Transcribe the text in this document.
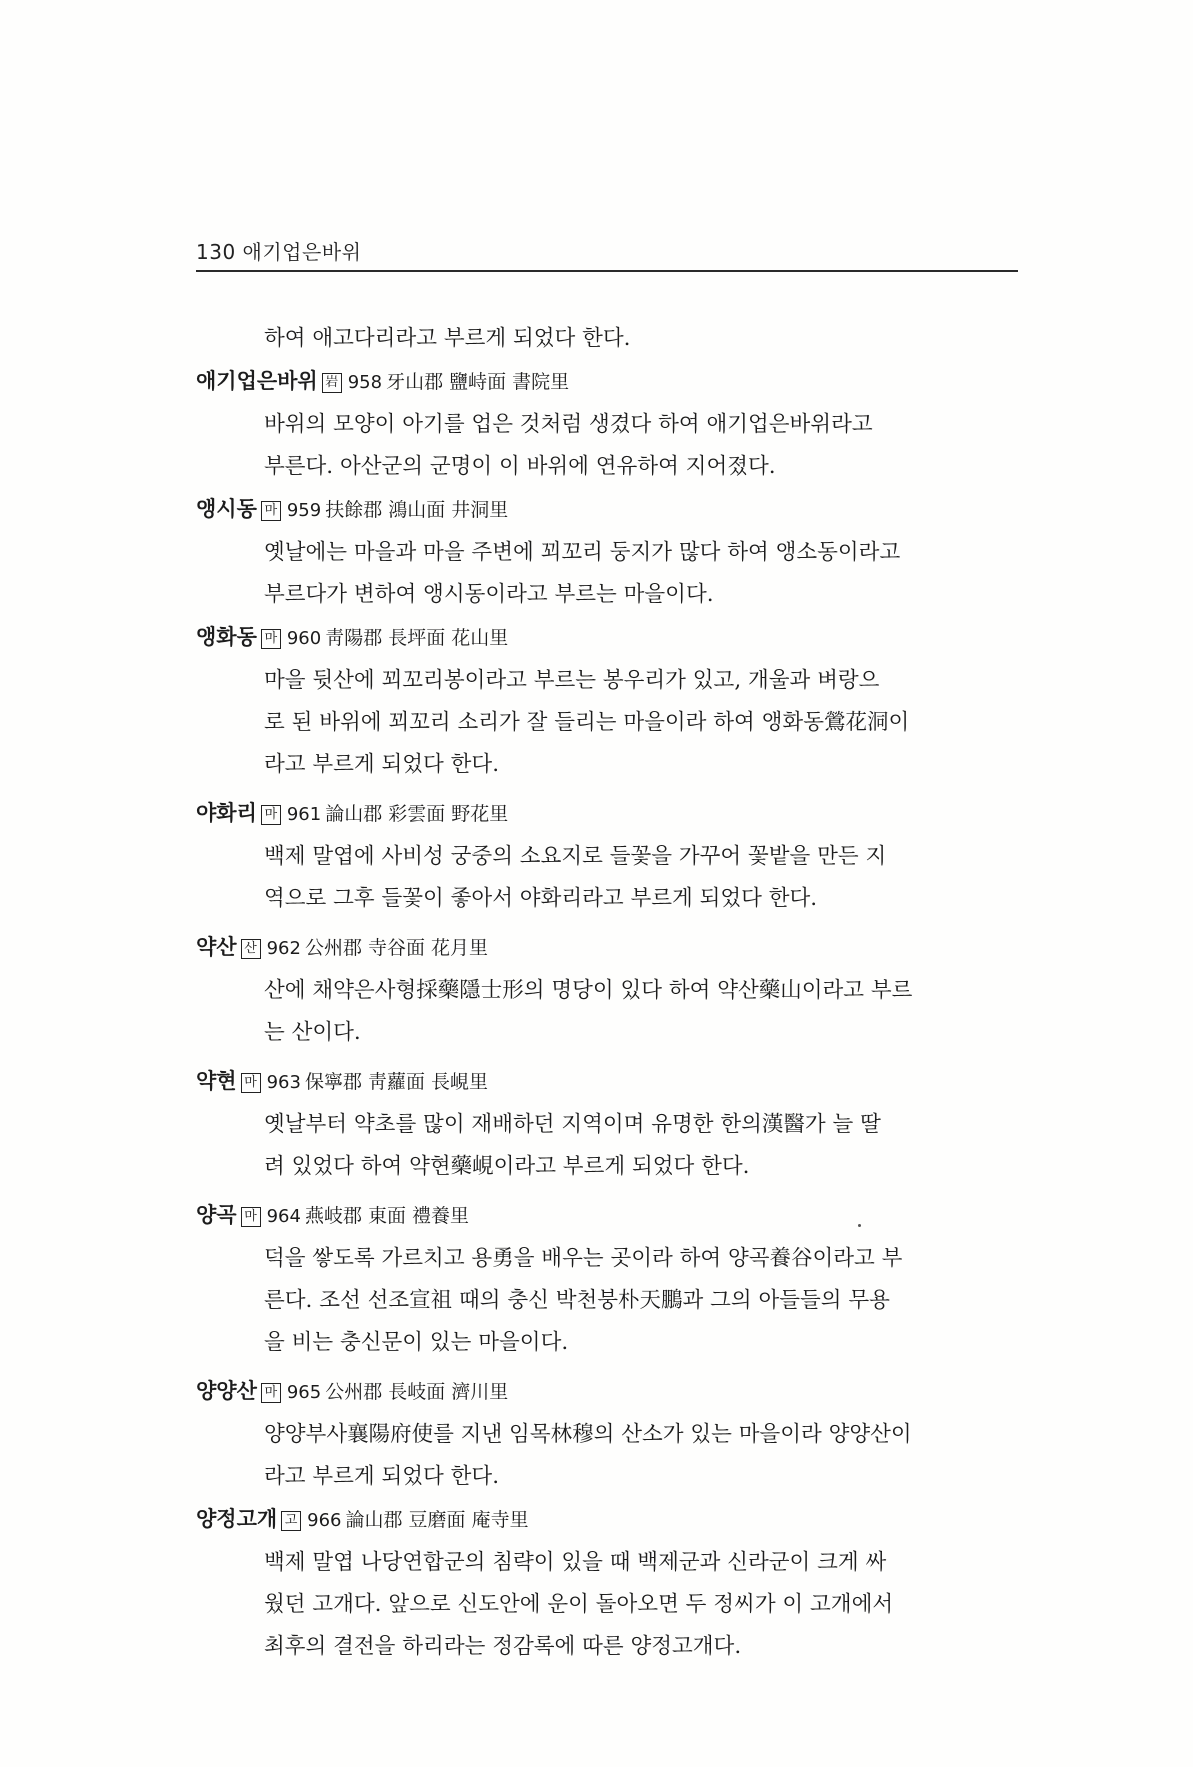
130 애기업은바위
하여 애고다리라고 부르게 되었다 한다.
애기업은바위 岩 958 牙山郡 鹽峙面 書院里
바위의 모양이 아기를 업은 것처럼 생겼다 하여 애기업은바위라고
부른다. 아산군의 군명이 이 바위에 연유하여 지어졌다.
앵시동 마 959 扶餘郡 鴻山面 井洞里
옛날에는 마을과 마을 주변에 꾀꼬리 둥지가 많다 하여 앵소동이라고
부르다가 변하여 앵시동이라고 부르는 마을이다.
앵화동 마 960 靑陽郡 長坪面 花山里
마을 뒷산에 꾀꼬리봉이라고 부르는 봉우리가 있고, 개울과 벼랑으
로 된 바위에 꾀꼬리 소리가 잘 들리는 마을이라 하여 앵화동鶯花洞이
라고 부르게 되었다 한다.
야화리 마 961 論山郡 彩雲面 野花里
백제 말엽에 사비성 궁중의 소요지로 들꽃을 가꾸어 꽃밭을 만든 지
역으로 그후 들꽃이 좋아서 야화리라고 부르게 되었다 한다.
약산 산 962 公州郡 寺谷面 花月里
산에 채약은사형採藥隱士形의 명당이 있다 하여 약산藥山이라고 부르
는 산이다.
약현 마 963 保寧郡 靑蘿面 長峴里
옛날부터 약초를 많이 재배하던 지역이며 유명한 한의漢醫가 늘 딸
려 있었다 하여 약현藥峴이라고 부르게 되었다 한다.
양곡 마 964 燕岐郡 東面 禮養里
덕을 쌓도록 가르치고 용勇을 배우는 곳이라 하여 양곡養谷이라고 부
른다. 조선 선조宣祖 때의 충신 박천붕朴天鵬과 그의 아들들의 무용
을 비는 충신문이 있는 마을이다.
양양산 마 965 公州郡 長岐面 濟川里
양양부사襄陽府使를 지낸 임목林穆의 산소가 있는 마을이라 양양산이
라고 부르게 되었다 한다.
양정고개 고 966 論山郡 豆磨面 庵寺里
백제 말엽 나당연합군의 침략이 있을 때 백제군과 신라군이 크게 싸
웠던 고개다. 앞으로 신도안에 운이 돌아오면 두 정씨가 이 고개에서
최후의 결전을 하리라는 정감록에 따른 양정고개다.
